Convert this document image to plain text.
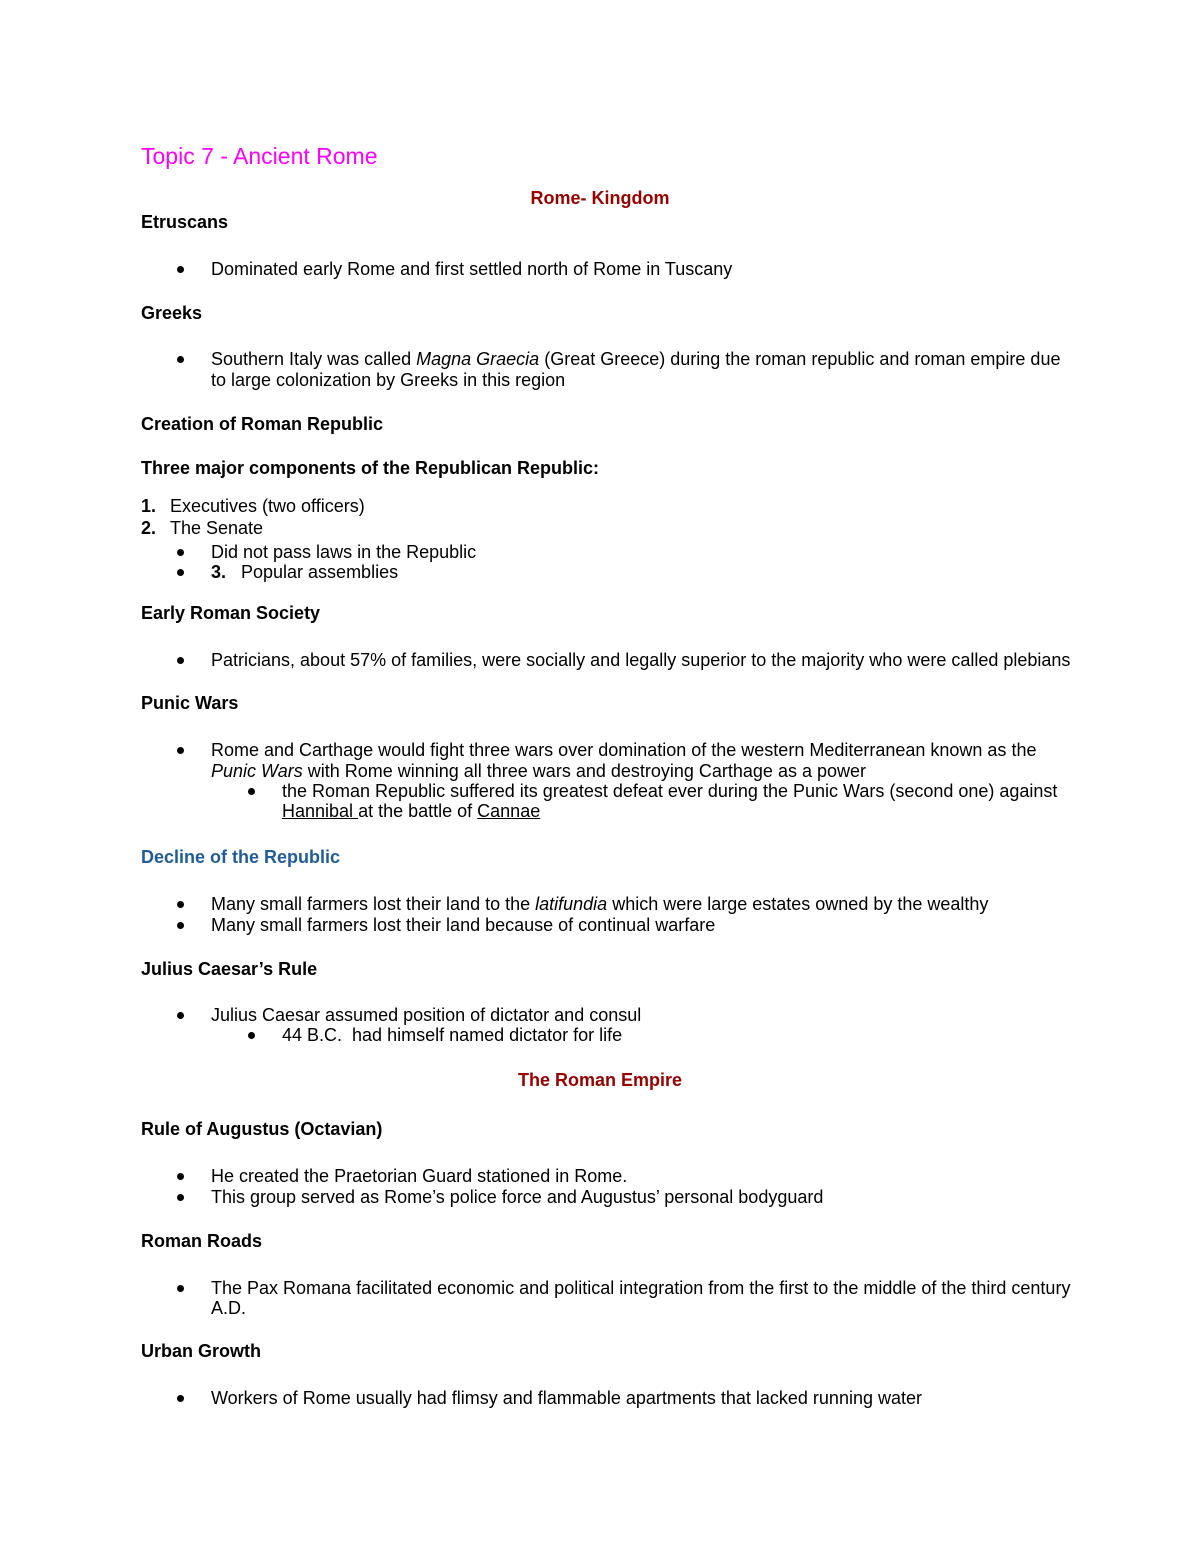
Topic 7 - Ancient Rome
Rome- Kingdom
Etruscans
Dominated early Rome and first settled north of Rome in Tuscany
Greeks
Southern Italy was called Magna Graecia (Great Greece) during the roman republic and roman empire due
to large colonization by Greeks in this region
Creation of Roman Republic
Three major components of the Republican Republic:
1. Executives (two officers)
2. The Senate
Did not pass laws in the Republic
3. Popular assemblies
Early Roman Society
Patricians, about 57% of families, were socially and legally superior to the majority who were called plebians
Punic Wars
Rome and Carthage would fight three wars over domination of the western Mediterranean known as the
Punic Wars with Rome winning all three wars and destroying Carthage as a power
the Roman Republic suffered its greatest defeat ever during the Punic Wars (second one) against
Hannibal at the battle of Cannae
Decline of the Republic
Many small farmers lost their land to the latifundia which were large estates owned by the wealthy
Many small farmers lost their land because of continual warfare
Julius Caesar’s Rule
Julius Caesar assumed position of dictator and consul
44 B.C.  had himself named dictator for life
The Roman Empire
Rule of Augustus (Octavian)
He created the Praetorian Guard stationed in Rome.
This group served as Rome’s police force and Augustus’ personal bodyguard
Roman Roads
The Pax Romana facilitated economic and political integration from the first to the middle of the third century
A.D.
Urban Growth
Workers of Rome usually had flimsy and flammable apartments that lacked running water
